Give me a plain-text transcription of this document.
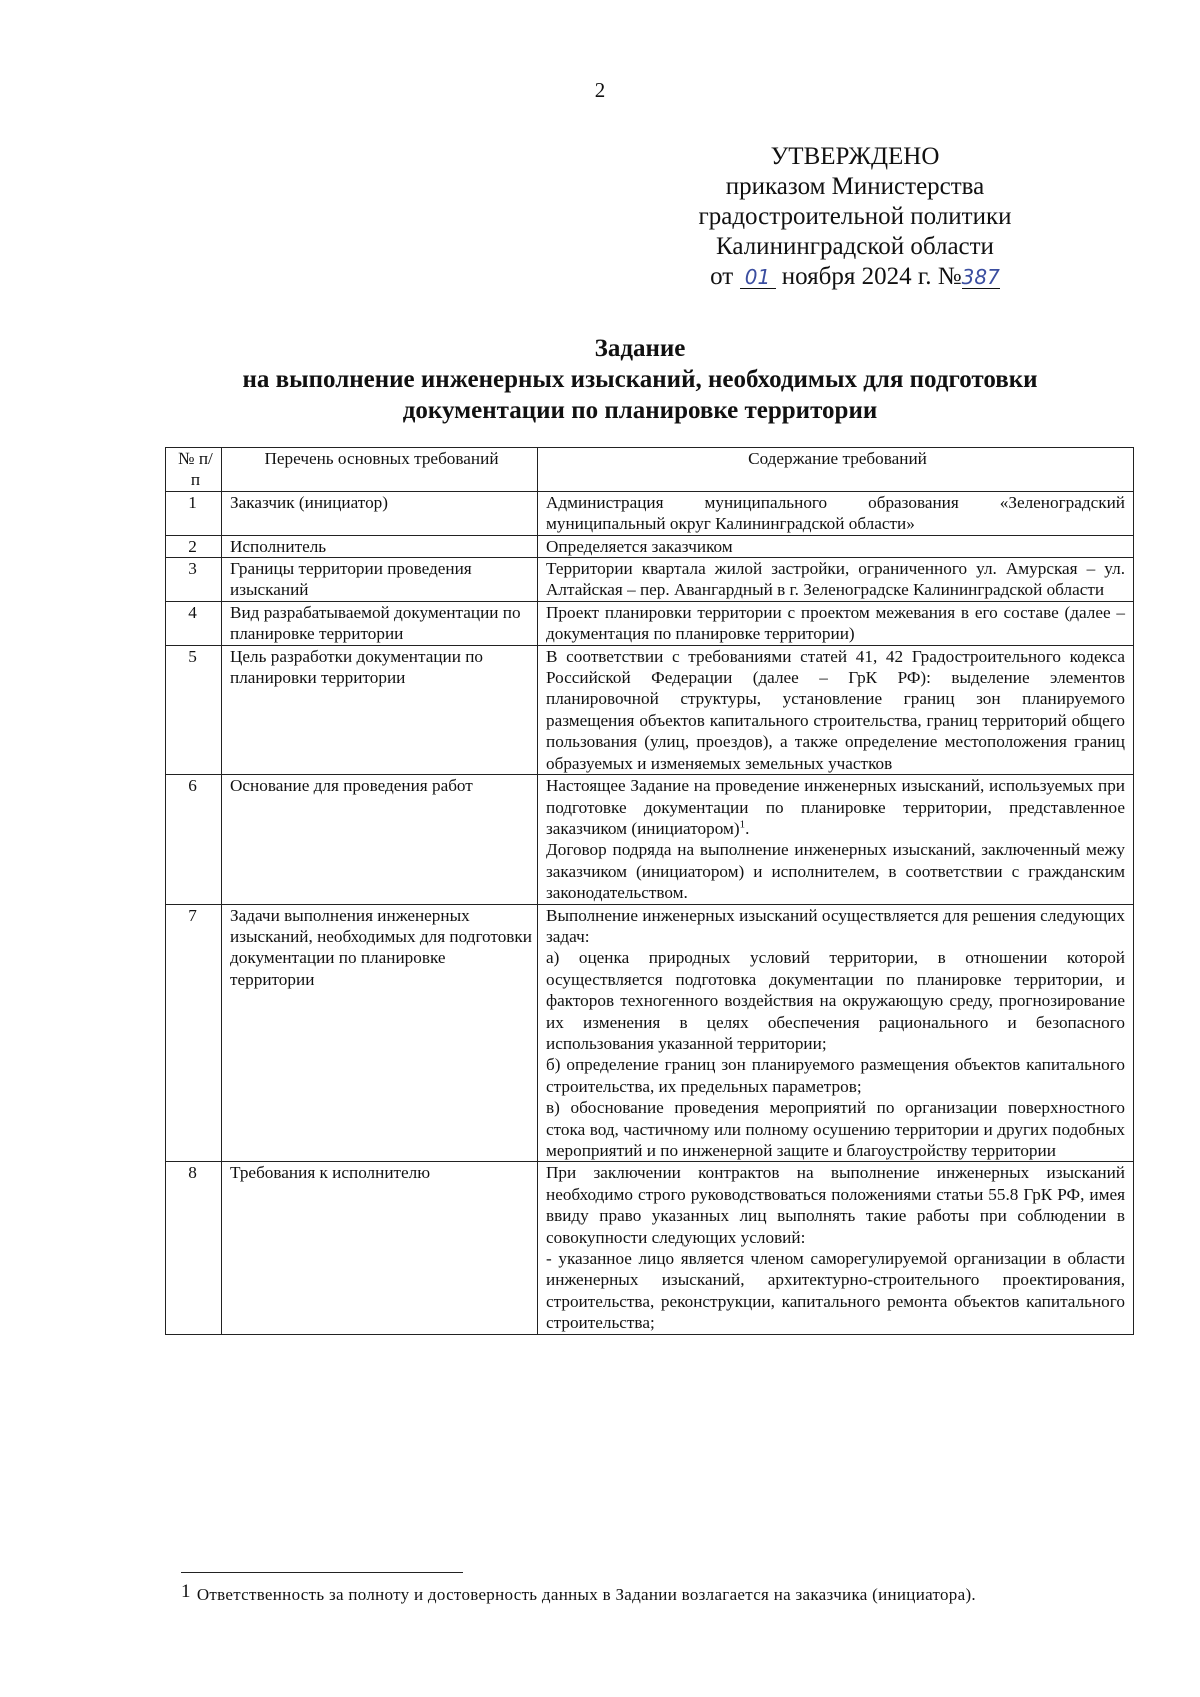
2
УТВЕРЖДЕНО
приказом Министерства
градостроительной политики
Калининградской области
от 01 ноября 2024 г. №387
Задание
на выполнение инженерных изысканий, необходимых для подготовки
документации по планировке территории
№ п/п	Перечень основных требований	Содержание требований
1	Заказчик (инициатор)	Администрация муниципального образования «Зеленоградский муниципальный округ Калининградской области»

2	Исполнитель	Определяется заказчиком

3	Границы территории проведения изысканий	Территории квартала жилой застройки, ограниченного ул. Амурская – ул. Алтайская – пер. Авангардный в г. Зеленоградске Калининградской области

4	Вид разрабатываемой документации по планировке территории	Проект планировки территории с проектом межевания в его составе (далее – документация по планировке территории)

5	Цель разработки документации по планировки территории	В соответствии с требованиями статей 41, 42 Градостроительного кодекса Российской Федерации (далее – ГрК РФ): выделение элементов планировочной структуры, установление границ зон планируемого размещения объектов капитального строительства, границ территорий общего пользования (улиц, проездов), а также определение местоположения границ образуемых и изменяемых земельных участков

6	Основание для проведения работ	Настоящее Задание на проведение инженерных изысканий, используемых при подготовке документации по планировке территории, представленное заказчиком (инициатором)$^1$.
Договор подряда на выполнение инженерных изысканий, заключенный межу заказчиком (инициатором) и исполнителем, в соответствии с гражданским законодательством.

7	Задачи выполнения инженерных изысканий, необходимых для подготовки документации по планировке территории	Выполнение инженерных изысканий осуществляется для решения следующих задач:
а) оценка природных условий территории, в отношении которой осуществляется подготовка документации по планировке территории, и факторов техногенного воздействия на окружающую среду, прогнозирование их изменения в целях обеспечения рационального и безопасного использования указанной территории;
б) определение границ зон планируемого размещения объектов капитального строительства, их предельных параметров;
в) обоснование проведения мероприятий по организации поверхностного стока вод, частичному или полному осушению территории и других подобных мероприятий и по инженерной защите и благоустройству территории

8	Требования к исполнителю	При заключении контрактов на выполнение инженерных изысканий необходимо строго руководствоваться положениями статьи 55.8 ГрК РФ, имея ввиду право указанных лиц выполнять такие работы при соблюдении в совокупности следующих условий:
- указанное лицо является членом саморегулируемой организации в области инженерных изысканий, архитектурно-строительного проектирования, строительства, реконструкции, капитального ремонта объектов капитального строительства;
1 Ответственность за полноту и достоверность данных в Задании возлагается на заказчика (инициатора).
